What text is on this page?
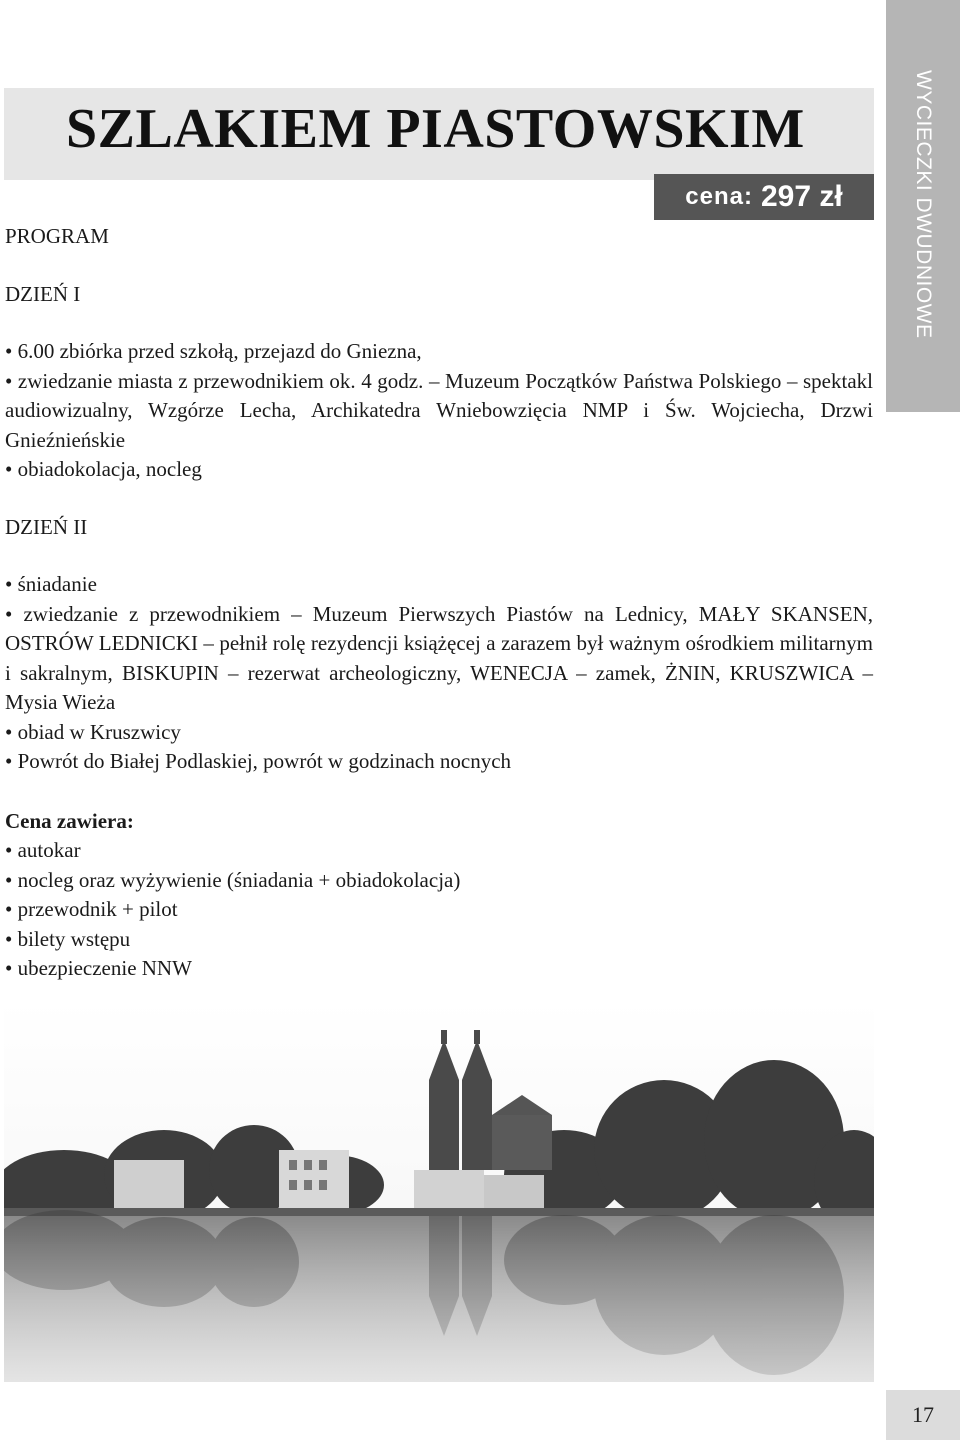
SZLAKIEM PIASTOWSKIM
cena: 297 zł	WYCIECZKI DWUDNIOWE
PROGRAM
DZIEŃ I

• 6.00 zbiórka przed szkołą, przejazd do Gniezna,

• zwiedzanie miasta z przewodnikiem ok. 4 godz. – Muzeum Początków Państwa Polskiego – spektakl audiowizualny, Wzgórze Lecha, Archikatedra Wniebowzięcia NMP i Św. Wojciecha, Drzwi Gnieźnieńskie

• obiadokolacja, nocleg

DZIEŃ II

• śniadanie

• zwiedzanie z przewodnikiem – Muzeum Pierwszych Piastów na Lednicy, MAŁY SKANSEN, OSTRÓW LEDNICKI – pełnił rolę rezydencji książęcej a zarazem był ważnym ośrodkiem militarnym i sakralnym, BISKUPIN – rezerwat archeologiczny, WENECJA – zamek, ŻNIN, KRUSZWICA – Mysia Wieża

• obiad w Kruszwicy

• Powrót do Białej Podlaskiej, powrót w godzinach nocnych

Cena zawiera:

• autokar

• nocleg oraz wyżywienie (śniadania + obiadokolacja)

• przewodnik + pilot

• bilety wstępu

• ubezpieczenie NNW

17
